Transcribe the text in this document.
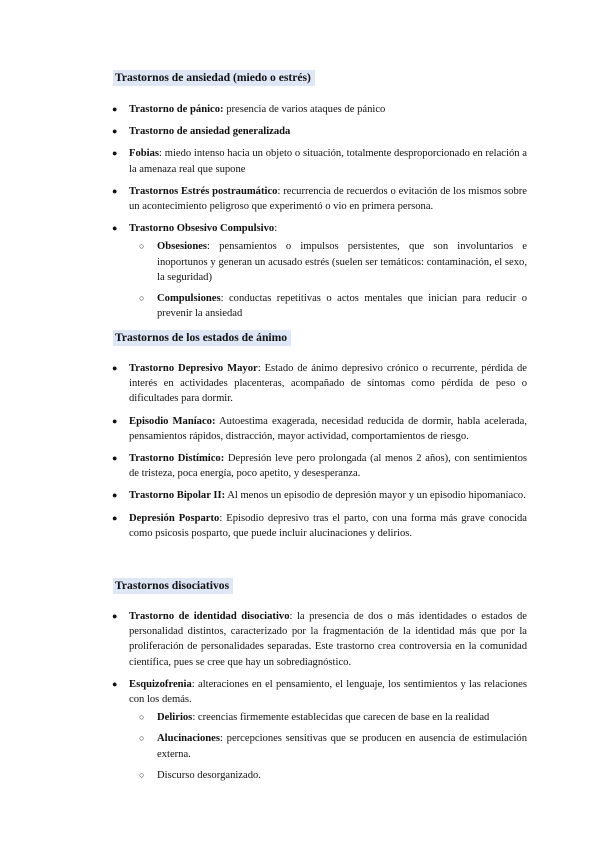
Trastornos de ansiedad (miedo o estrés)
● Trastorno de pánico: presencia de varios ataques de pánico
● Trastorno de ansiedad generalizada
● Fobias: miedo intenso hacia un objeto o situación, totalmente desproporcionado en relación a la amenaza real que supone
● Trastornos Estrés postraumático: recurrencia de recuerdos o evitación de los mismos sobre un acontecimiento peligroso que experimentó o vio en primera persona.
● Trastorno Obsesivo Compulsivo:
○ Obsesiones: pensamientos o impulsos persistentes, que son involuntarios e inoportunos y generan un acusado estrés (suelen ser temáticos: contaminación, el sexo, la seguridad)
○ Compulsiones: conductas repetitivas o actos mentales que inician para reducir o prevenir la ansiedad
Trastornos de los estados de ánimo
● Trastorno Depresivo Mayor: Estado de ánimo depresivo crónico o recurrente, pérdida de interés en actividades placenteras, acompañado de síntomas como pérdida de peso o dificultades para dormir.
● Episodio Maníaco: Autoestima exagerada, necesidad reducida de dormir, habla acelerada, pensamientos rápidos, distracción, mayor actividad, comportamientos de riesgo.
● Trastorno Distímico: Depresión leve pero prolongada (al menos 2 años), con sentimientos de tristeza, poca energía, poco apetito, y desesperanza.
● Trastorno Bipolar II: Al menos un episodio de depresión mayor y un episodio hipomaníaco.
● Depresión Posparto: Episodio depresivo tras el parto, con una forma más grave conocida como psicosis posparto, que puede incluir alucinaciones y delirios.
Trastornos disociativos
● Trastorno de identidad disociativo: la presencia de dos o más identidades o estados de personalidad distintos, caracterizado por la fragmentación de la identidad más que por la proliferación de personalidades separadas. Este trastorno crea controversia en la comunidad científica, pues se cree que hay un sobrediagnóstico.
● Esquizofrenia: alteraciones en el pensamiento, el lenguaje, los sentimientos y las relaciones con los demás.
○ Delirios: creencias firmemente establecidas que carecen de base en la realidad
○ Alucinaciones: percepciones sensitivas que se producen en ausencia de estimulación externa.
○ Discurso desorganizado.
